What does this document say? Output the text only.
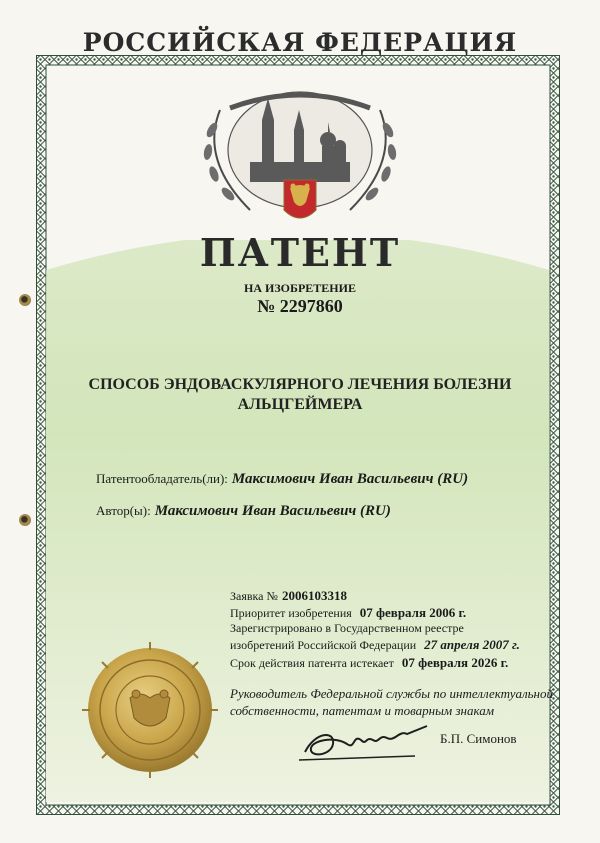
РОССИЙСКАЯ ФЕДЕРАЦИЯ
ПАТЕНТ
НА ИЗОБРЕТЕНИЕ
№ 2297860
СПОСОБ ЭНДОВАСКУЛЯРНОГО ЛЕЧЕНИЯ БОЛЕЗНИ
АЛЬЦГЕЙМЕРА
Патентообладатель(ли): Максимович Иван Васильевич (RU)
Автор(ы): Максимович Иван Васильевич (RU)
Заявка № 2006103318
Приоритет изобретения 07 февраля 2006 г.
Зарегистрировано в Государственном реестре
изобретений Российской Федерации 27 апреля 2007 г.
Срок действия патента истекает 07 февраля 2026 г.
Руководитель Федеральной службы по интеллектуальной
собственности, патентам и товарным знакам
Б.П. Симонов
